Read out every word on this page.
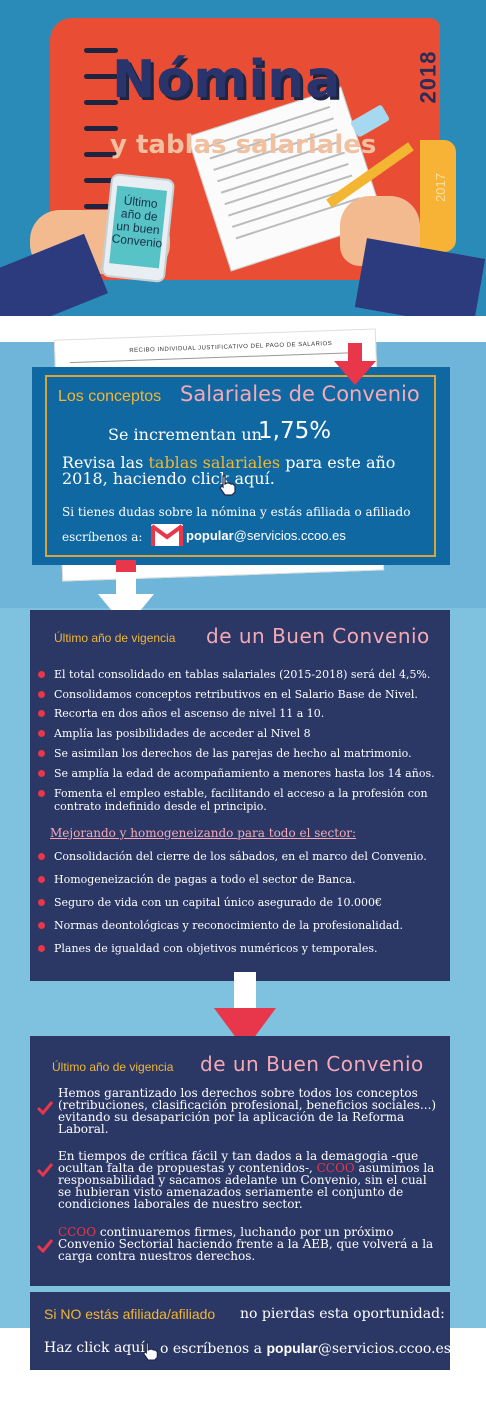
2017
2018
Nómina
y tablas salariales
Último año de un buen Convenio
RECIBO INDIVIDUAL JUSTIFICATIVO DEL PAGO DE SALARIOS
Los conceptos Salariales de Convenio
Se incrementan un
1,75%
Revisa las tablas salariales para este año 2018, haciendo click aquí.
Si tienes dudas sobre la nómina y estás afiliada o afiliado
escríbenos a:	popular@servicios.ccoo.es
Último año de vigencia de un Buen Convenio
El total consolidado en tablas salariales (2015-2018) será del 4,5%.
Consolidamos conceptos retributivos en el Salario Base de Nivel.
Recorta en dos años el ascenso de nivel 11 a 10.
Amplía las posibilidades de acceder al Nivel 8
Se asimilan los derechos de las parejas de hecho al matrimonio.
Se amplía la edad de acompañamiento a menores hasta los 14 años.
Fomenta el empleo estable, facilitando el acceso a la profesión con contrato indefinido desde el principio.
Mejorando y homogeneizando para todo el sector:
Consolidación del cierre de los sábados, en el marco del Convenio.
Homogeneización de pagas a todo el sector de Banca.
Seguro de vida con un capital único asegurado de 10.000€
Normas deontológicas y reconocimiento de la profesionalidad.
Planes de igualdad con objetivos numéricos y temporales.
Último año de vigencia de un Buen Convenio
Hemos garantizado los derechos sobre todos los conceptos (retribuciones, clasificación profesional, beneficios sociales...) evitando su desaparición por la aplicación de la Reforma Laboral.
En tiempos de crítica fácil y tan dados a la demagogia -que ocultan falta de propuestas y contenidos-, CCOO asumimos la responsabilidad y sacamos adelante un Convenio, sin el cual se hubieran visto amenazados seriamente el conjunto de condiciones laborales de nuestro sector.
CCOO continuaremos firmes, luchando por un próximo Convenio Sectorial haciendo frente a la AEB, que volverá a la carga contra nuestros derechos.
Si NO estás afiliada/afiliado no pierdas esta oportunidad:
Haz click aquí o escríbenos a popular@servicios.ccoo.es
